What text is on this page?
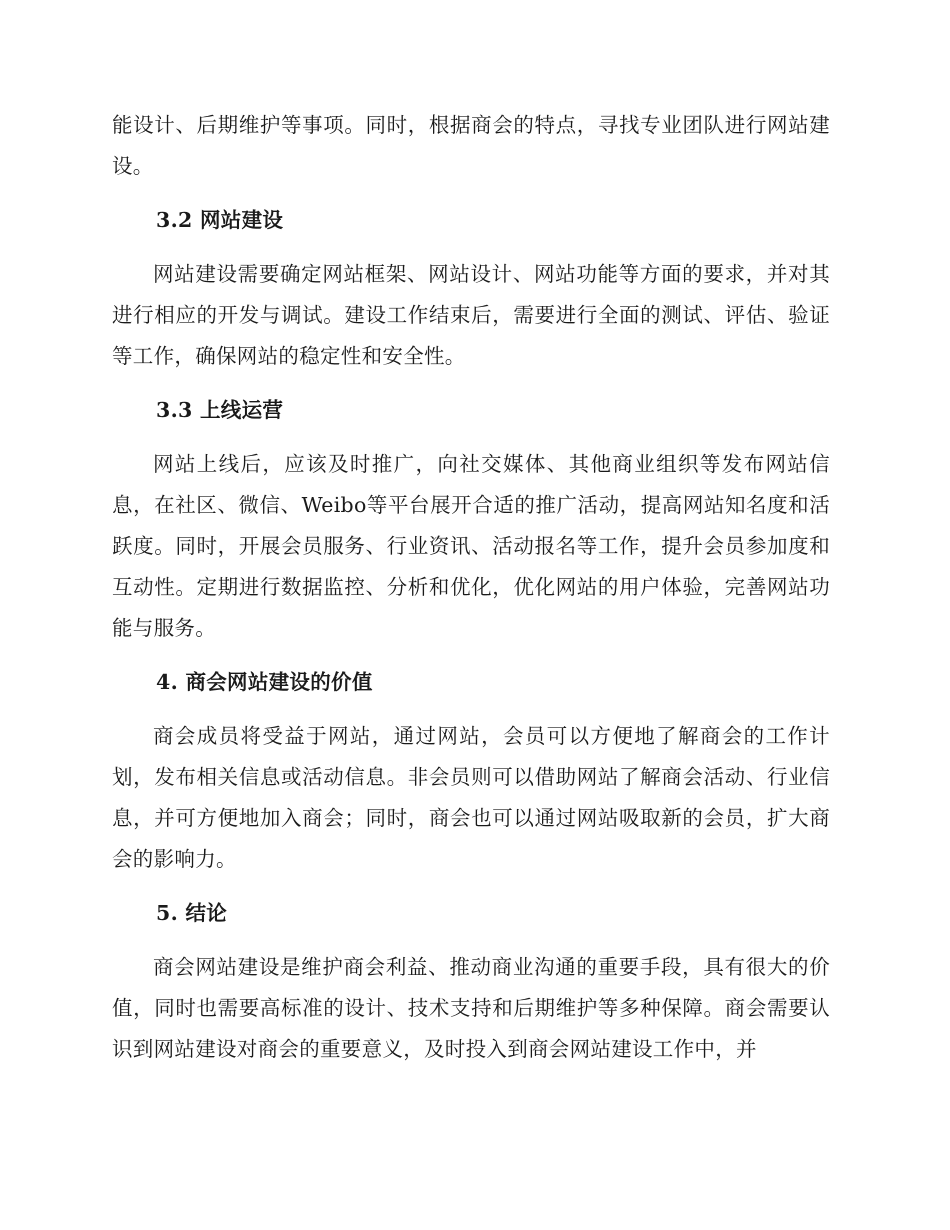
能设计、后期维护等事项。同时，根据商会的特点，寻找专业团队进行网站建设。

3.2 网站建设

网站建设需要确定网站框架、网站设计、网站功能等方面的要求，并对其进行相应的开发与调试。建设工作结束后，需要进行全面的测试、评估、验证等工作，确保网站的稳定性和安全性。

3.3 上线运营

网站上线后，应该及时推广，向社交媒体、其他商业组织等发布网站信息，在社区、微信、Weibo等平台展开合适的推广活动，提高网站知名度和活跃度。同时，开展会员服务、行业资讯、活动报名等工作，提升会员参加度和互动性。定期进行数据监控、分析和优化，优化网站的用户体验，完善网站功能与服务。

4. 商会网站建设的价值

商会成员将受益于网站，通过网站，会员可以方便地了解商会的工作计划，发布相关信息或活动信息。非会员则可以借助网站了解商会活动、行业信息，并可方便地加入商会；同时，商会也可以通过网站吸取新的会员，扩大商会的影响力。

5. 结论

商会网站建设是维护商会利益、推动商业沟通的重要手段，具有很大的价值，同时也需要高标准的设计、技术支持和后期维护等多种保障。商会需要认识到网站建设对商会的重要意义，及时投入到商会网站建设工作中，并
